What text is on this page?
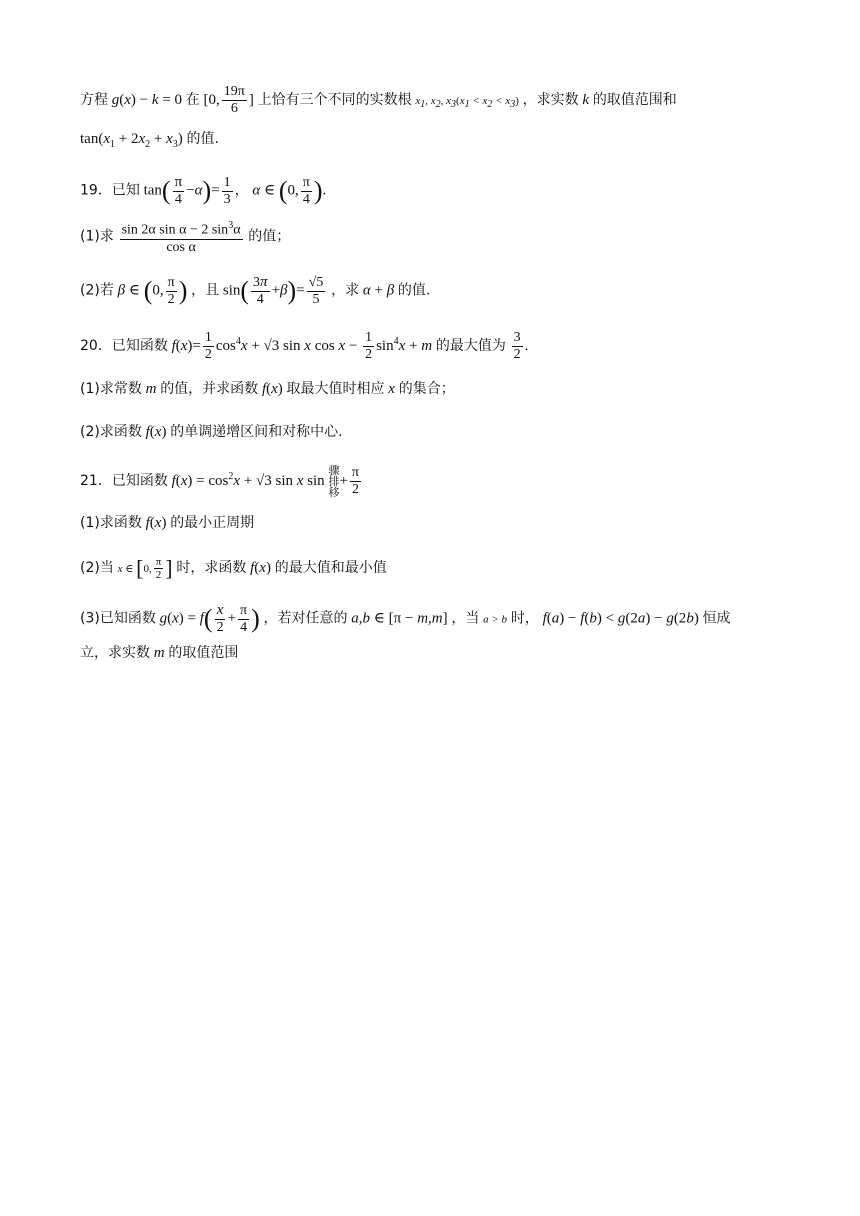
方程 g(x) − k = 0 在 [0, $\frac{19\pi}{6}$ ] 上恰有三个不同的实数根 $x_1$, $x_2$, $x_3(x_1 < x_2 < x_3)$ ，求实数 k 的取值范围和
$\tan(x_1 + 2x_2 + x_3)$ 的值.
19．已知 $\tan( \frac{\pi}{4} -\alpha)= \frac{1}{3}$ ， α ∈ (0, $\frac{\pi}{4}$ ).
(1)求 $\frac{\sin 2\alpha \sin \alpha - 2 \sin^3\alpha}{\text{cos α}}$ 的值；
(2)若 β ∈ (0, $\frac{\pi}{2}$ ) ，且 $\sin( \frac{3\pi}{4} +\beta)= \frac{√5}{5}$ ，求 α + β 的值.
20．已知函数 $f(x)= \frac{1}{2} \cos^4x + √3$ sin x $\cos x - \frac{1}{2} \sin^4x + m$ 的最大值为 $\frac{3}{2}$ .
(1)求常数 m 的值，并求函数 f(x) 取最大值时相应 x 的集合；
(2)求函数 f(x) 的单调递增区间和对称中心.
21．已知函数 $f(x) = \cos^2x + √3$ sin x sin 骤
排
移+ $\frac{\pi}{2}$
(1)求函数 f(x) 的最小正周期
(2)当 x ∈ [0, $\frac{\pi}{2}$ ] 时，求函数 f(x) 的最大值和最小值
(3)已知函数 $g(x) = f( \frac{x}{2} + \frac{\pi}{4}$ ) ，若对任意的 a,b ∈ [π − m,m] ，当 a > b 时， f(a) − f(b) < g(2a) − g(2b) 恒成
立，求实数 m 的取值范围
